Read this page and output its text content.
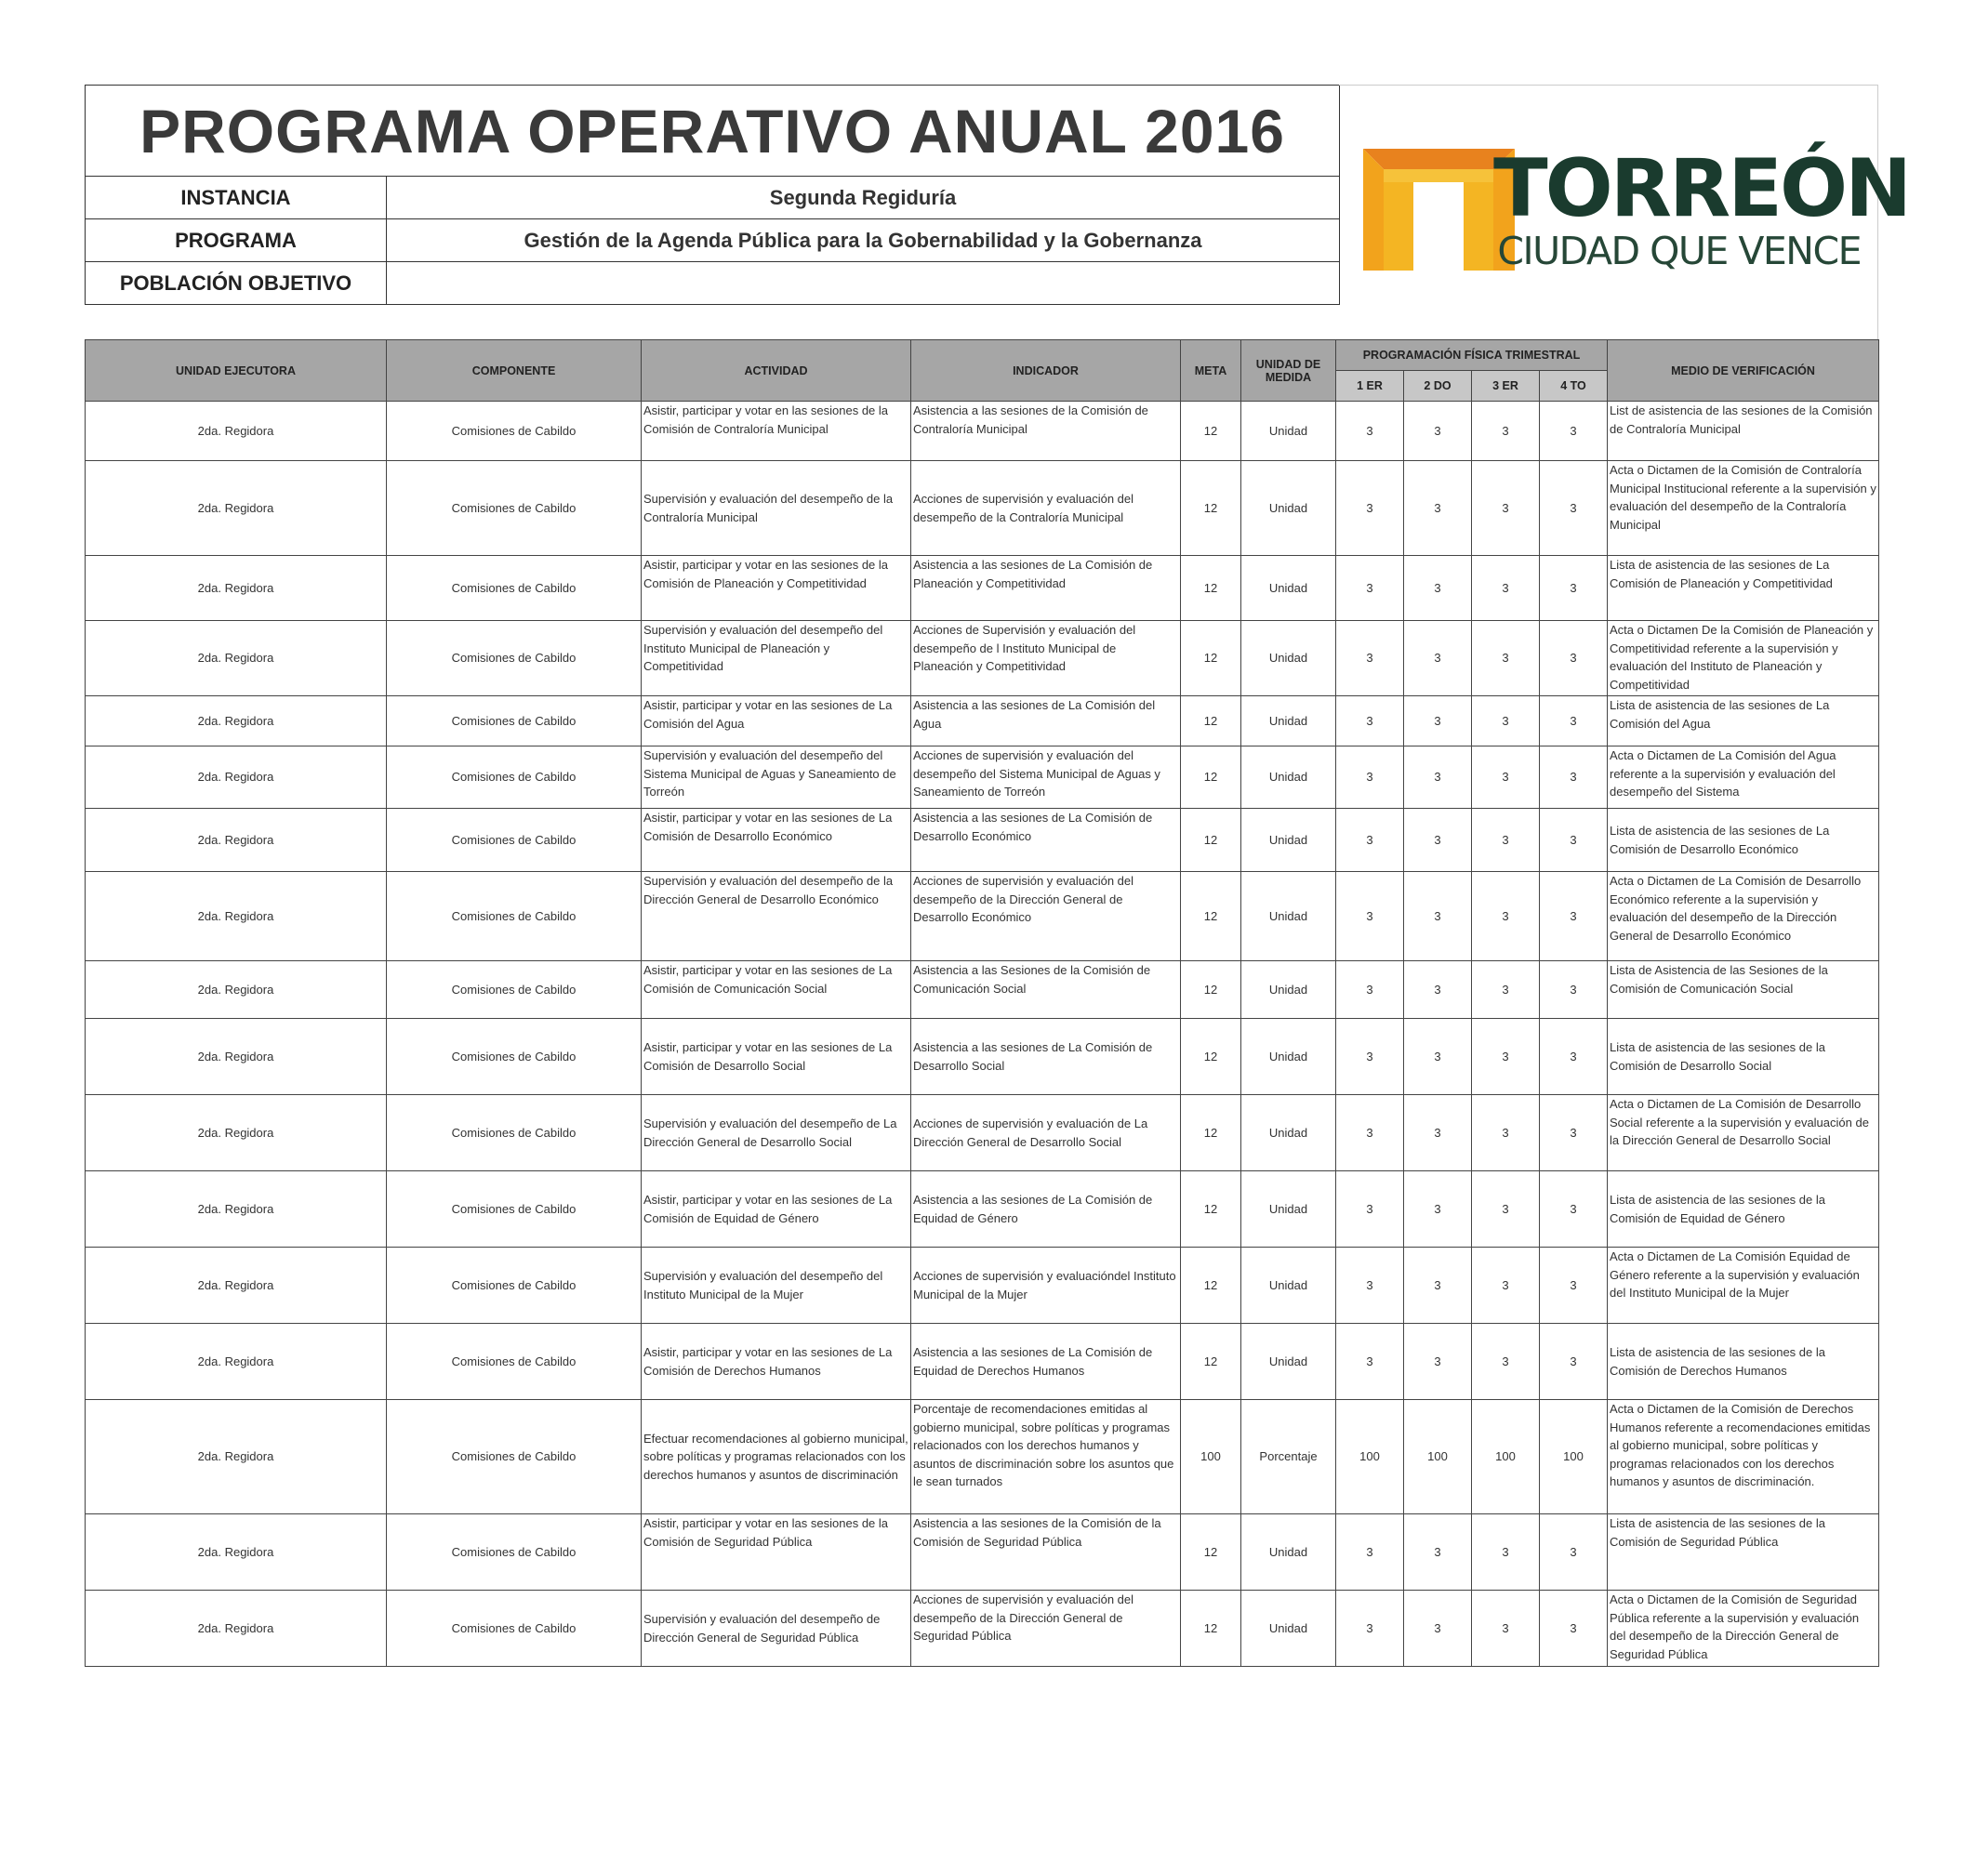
PROGRAMA OPERATIVO ANUAL 2016	
INSTANCIA	Segunda Regiduría
PROGRAMA	Gestión de la Agenda Pública para la Gobernabilidad y la Gobernanza
POBLACIÓN OBJETIVO	
TORREÓN
CIUDAD QUE VENCE
UNIDAD EJECUTORA	COMPONENTE	ACTIVIDAD	INDICADOR	META	UNIDAD DE MEDIDA	PROGRAMACIÓN FÍSICA TRIMESTRAL				MEDIO DE VERIFICACIÓN
						1 ER	2 DO	3 ER	4 TO	
2da. Regidora	Comisiones de Cabildo	Asistir, participar y votar en las sesiones de la Comisión de Contraloría Municipal	Asistencia a las sesiones de la Comisión de Contraloría Municipal	12	Unidad	3	3	3	3	List de asistencia de las sesiones de la Comisión de Contraloría Municipal
2da. Regidora	Comisiones de Cabildo	Supervisión y evaluación del desempeño de la Contraloría Municipal	Acciones de supervisión y evaluación del desempeño de la Contraloría Municipal	12	Unidad	3	3	3	3	Acta o Dictamen de la Comisión de Contraloría Municipal Institucional referente a la supervisión y evaluación del desempeño de la Contraloría Municipal
2da. Regidora	Comisiones de Cabildo	Asistir, participar y votar en las sesiones de la Comisión de Planeación y Competitividad	Asistencia a las sesiones de La Comisión de Planeación y Competitividad	12	Unidad	3	3	3	3	Lista de asistencia de las sesiones de La Comisión de Planeación y Competitividad
2da. Regidora	Comisiones de Cabildo	Supervisión y evaluación del desempeño del Instituto Municipal de Planeación y Competitividad	Acciones de Supervisión y evaluación del desempeño de l Instituto Municipal de Planeación y Competitividad	12	Unidad	3	3	3	3	Acta o Dictamen De la Comisión de Planeación y Competitividad referente a la supervisión y evaluación del Instituto de Planeación y Competitividad
2da. Regidora	Comisiones de Cabildo	Asistir, participar y votar en las sesiones de La Comisión del Agua	Asistencia a las sesiones de La Comisión del Agua	12	Unidad	3	3	3	3	Lista de asistencia de las sesiones de La Comisión del Agua
2da. Regidora	Comisiones de Cabildo	Supervisión y evaluación del desempeño del Sistema Municipal de Aguas y Saneamiento de Torreón	Acciones de supervisión y evaluación del desempeño del Sistema Municipal de Aguas y Saneamiento de Torreón	12	Unidad	3	3	3	3	Acta o Dictamen de La Comisión del Agua referente a la supervisión y evaluación del desempeño del Sistema
2da. Regidora	Comisiones de Cabildo	Asistir, participar y votar en las sesiones de La Comisión de Desarrollo Económico	Asistencia a las sesiones de La Comisión de Desarrollo Económico	12	Unidad	3	3	3	3	Lista de asistencia de las sesiones de La Comisión de Desarrollo Económico
2da. Regidora	Comisiones de Cabildo	Supervisión y evaluación del desempeño de la Dirección General de Desarrollo Económico	Acciones de supervisión y evaluación del desempeño de la Dirección General de Desarrollo Económico	12	Unidad	3	3	3	3	Acta o Dictamen de La Comisión de Desarrollo Económico referente a la supervisión y evaluación del desempeño de la Dirección General de Desarrollo Económico
2da. Regidora	Comisiones de Cabildo	Asistir, participar y votar en las sesiones de La Comisión de Comunicación Social	Asistencia a las Sesiones de la Comisión de Comunicación Social	12	Unidad	3	3	3	3	Lista de Asistencia de las Sesiones de la Comisión de Comunicación Social
2da. Regidora	Comisiones de Cabildo	Asistir, participar y votar en las sesiones de La Comisión de Desarrollo Social	Asistencia a las sesiones de La Comisión de Desarrollo Social	12	Unidad	3	3	3	3	Lista de asistencia de las sesiones de la Comisión de Desarrollo Social
2da. Regidora	Comisiones de Cabildo	Supervisión y evaluación del desempeño de La Dirección General de Desarrollo Social	Acciones de supervisión y evaluación de La Dirección General de Desarrollo Social	12	Unidad	3	3	3	3	Acta o Dictamen de La Comisión de Desarrollo Social referente a la supervisión y evaluación de la Dirección General de Desarrollo Social
2da. Regidora	Comisiones de Cabildo	Asistir, participar y votar en las sesiones de La Comisión de Equidad de Género	Asistencia a las sesiones de La Comisión de Equidad de Género	12	Unidad	3	3	3	3	Lista de asistencia de las sesiones de la Comisión de Equidad de Género
2da. Regidora	Comisiones de Cabildo	Supervisión y evaluación del desempeño del Instituto Municipal de la Mujer	Acciones de supervisión y evaluacióndel Instituto Municipal de la Mujer	12	Unidad	3	3	3	3	Acta o Dictamen de La Comisión Equidad de Género referente a la supervisión y evaluación del Instituto Municipal de la Mujer
2da. Regidora	Comisiones de Cabildo	Asistir, participar y votar en las sesiones de La Comisión de Derechos Humanos	Asistencia a las sesiones de La Comisión de Equidad de Derechos Humanos	12	Unidad	3	3	3	3	Lista de asistencia de las sesiones de la Comisión de Derechos Humanos
2da. Regidora	Comisiones de Cabildo	Efectuar recomendaciones al gobierno municipal, sobre políticas y programas relacionados con los derechos humanos y asuntos de discriminación	Porcentaje de recomendaciones emitidas al gobierno municipal, sobre políticas y programas relacionados con los derechos humanos y asuntos de discriminación sobre los asuntos que le sean turnados	100	Porcentaje	100	100	100	100	Acta o Dictamen de la Comisión de Derechos Humanos referente a recomendaciones emitidas al gobierno municipal, sobre políticas y programas relacionados con los derechos humanos y asuntos de discriminación.
2da. Regidora	Comisiones de Cabildo	Asistir, participar y votar en las sesiones de la Comisión de Seguridad Pública	Asistencia a las sesiones de la Comisión de la Comisión de Seguridad Pública	12	Unidad	3	3	3	3	Lista de asistencia de las sesiones de la Comisión de Seguridad Pública
2da. Regidora	Comisiones de Cabildo	Supervisión y evaluación del desempeño de Dirección General de Seguridad Pública	Acciones de supervisión y evaluación del desempeño de la Dirección General de Seguridad Pública	12	Unidad	3	3	3	3	Acta o Dictamen de la Comisión de Seguridad Pública referente a la supervisión y evaluación del desempeño de la Dirección General de Seguridad Pública
